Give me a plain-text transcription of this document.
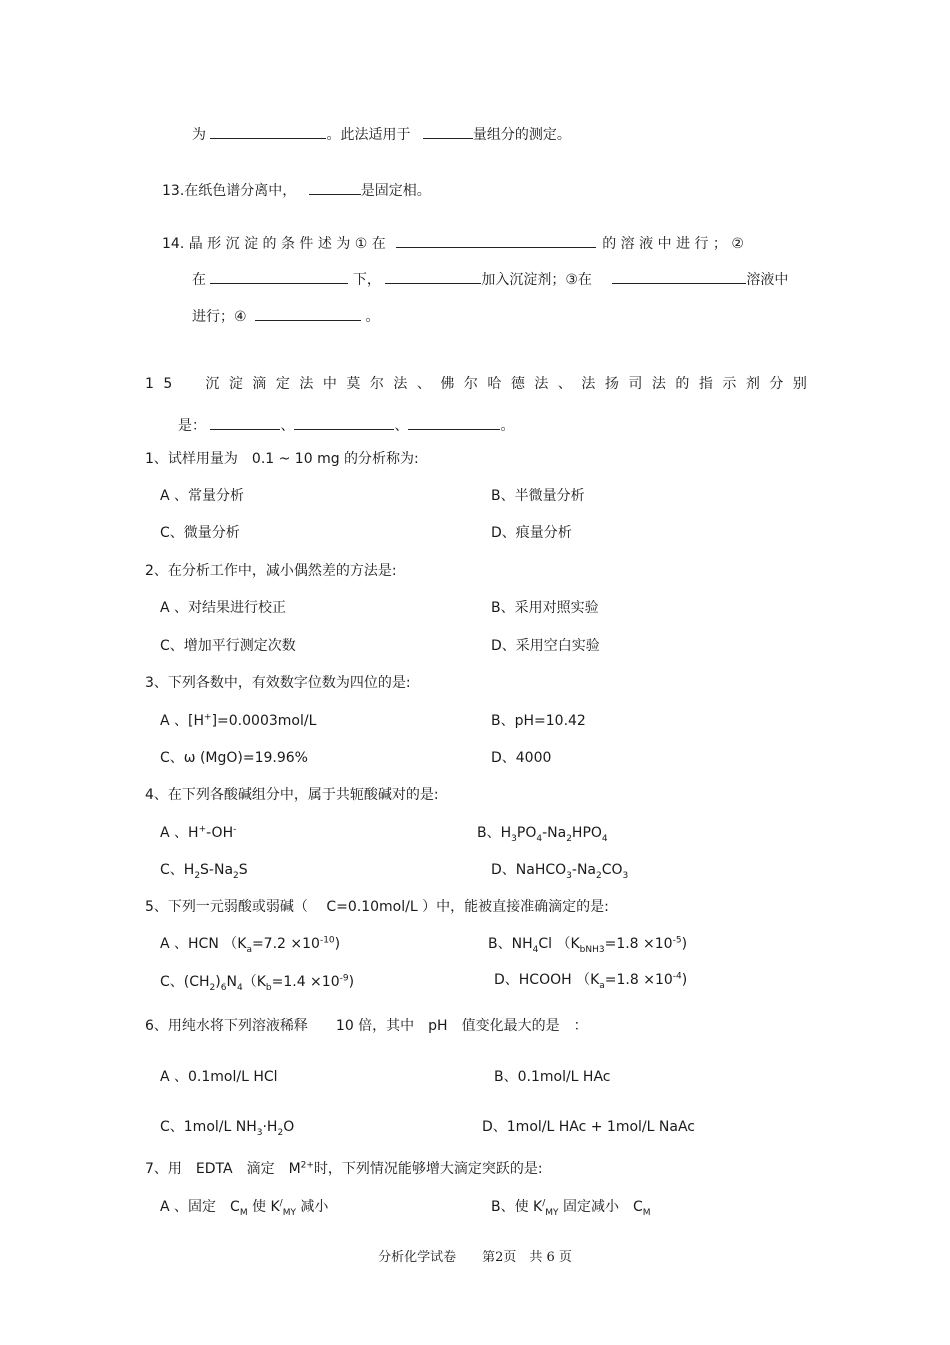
为	。此法适用于	量组分的测定。
13.在纸色谱分离中，	是固定相。
14. 晶 形 沉 淀 的 条 件 述 为 ① 在	的 溶 液 中 进 行 ； ②
在	下，	加入沉淀剂；③在	溶液中
进行；④	。
15　沉淀滴定法中莫尔法、佛尔哈德法、法扬司法的指示剂分别
是：	、	、	。
1、试样用量为　0.1 ~ 10 mg 的分析称为:
A 、常量分析	B、半微量分析
C、微量分析	D、痕量分析
2、在分析工作中，减小偶然差的方法是:
A 、对结果进行校正	B、采用对照实验
C、增加平行测定次数	D、采用空白实验
3、下列各数中，有效数字位数为四位的是:
A 、[H+]=0.0003mol/L	B、pH=10.42
C、ω (MgO)=19.96%	D、4000
4、在下列各酸碱组分中，属于共轭酸碱对的是:
A 、H+-OH-	B、$H_3PO_4-Na_2HPO_4$
C、$H_2S-Na_2S$	D、$NaHCO_3-Na_2CO_3$
5、下列一元弱酸或弱碱（　 C=0.10mol/L ）中，能被直接准确滴定的是:
A 、HCN $(K_a=7.2 \times 10^{-10})$	B、$NH_4Cl$ $(K_{bNH3}=1.8 \times 10^{-5})$
C、$(CH_2)_6N_4(K_b=1.4 \times 10^{-9})$	D、HCOOH $(K_a=1.8 \times 10^{-4})$
6、用纯水将下列溶液稀释　　10 倍，其中　pH　值变化最大的是　：
A 、0.1mol/L HCl	B、0.1mol/L HAc
C、1mol/L $NH_3\cdot H_2O$	D、1mol/L HAc + 1mol/L NaAc
7、用　EDTA　滴定　$M^{2+}$时，下列情况能够增大滴定突跃的是:
A 、固定　$C_M$ 使 $K^/_{MY}$ 减小	B、使 $K^/_{MY}$ 固定减小　$C_M$
分析化学试卷　　第2页　共 6 页
